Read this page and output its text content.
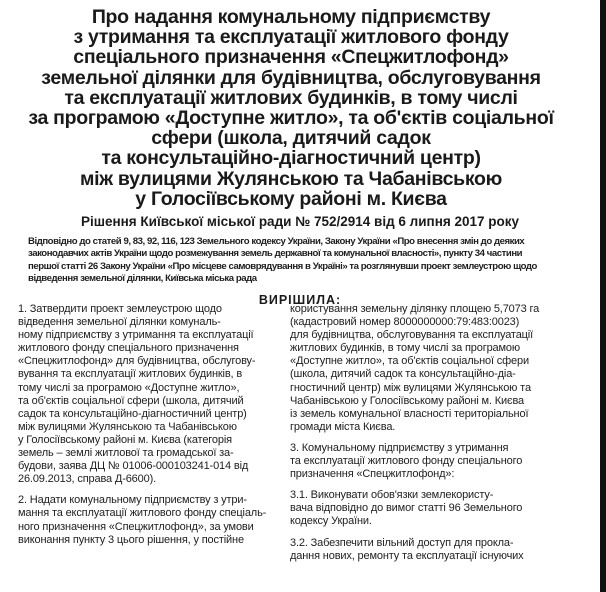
Про надання комунальному підприємству
з утримання та експлуатації житлового фонду
спеціального призначення «Спецжитлофонд»
земельної ділянки для будівництва, обслуговування
та експлуатації житлових будинків, в тому числі
за програмою «Доступне житло», та об'єктів соціальної
сфери (школа, дитячий садок
та консультаційно-діагностичний центр)
між вулицями Жулянською та Чабанівською
у Голосіївському районі м. Києва
Рішення Київської міської ради № 752/2914 від 6 липня 2017 року
Відповідно до статей 9, 83, 92, 116, 123 Земельного кодексу України, Закону України «Про внесення змін до деяких
законодавчих актів України щодо розмежування земель державної та комунальної власності», пункту 34 частини
першої статті 26 Закону України «Про місцеве самоврядування в Україні» та розглянувши проект землеустрою щодо
відведення земельної ділянки, Київська міська рада
ВИРІШИЛА:
1. Затвердити проект землеустрою щодо
відведення земельної ділянки комуналь-
ному підприємству з утримання та експлуатації
житлового фонду спеціального призначення
«Спецжитлофонд» для будівництва, обслугову-
вування та експлуатації житлових будинків, в
тому числі за програмою «Доступне житло»,
та об'єктів соціальної сфери (школа, дитячий
садок та консультаційно-діагностичний центр)
між вулицями Жулянською та Чабанівською
у Голосіївському районі м. Києва (категорія
земель – землі житлової та громадської за-
будови, заява ДЦ № 01006-000103241-014 від
26.09.2013, справа Д-6600).
2. Надати комунальному підприємству з утри-
мання та експлуатації житлового фонду спеціаль-
ного призначення «Спецжитлофонд», за умови
виконання пункту 3 цього рішення, у постійне
користування земельну ділянку площею 5,7073 га
(кадастровий номер 8000000000:79:483:0023)
для будівництва, обслуговування та експлуатації
житлових будинків, в тому числі за програмою
«Доступне житло», та об'єктів соціальної сфери
(школа, дитячий садок та консультаційно-діа-
гностичний центр) між вулицями Жулянською та
Чабанівською у Голосіївському районі м. Києва
із земель комунальної власності територіальної
громади міста Києва.
3. Комунальному підприємству з утримання
та експлуатації житлового фонду спеціального
призначення «Спецжитлофонд»:
3.1. Виконувати обов'язки землекористу-
вача відповідно до вимог статті 96 Земельного
кодексу України.
3.2. Забезпечити вільний доступ для прокла-
дання нових, ремонту та експлуатації існуючих
